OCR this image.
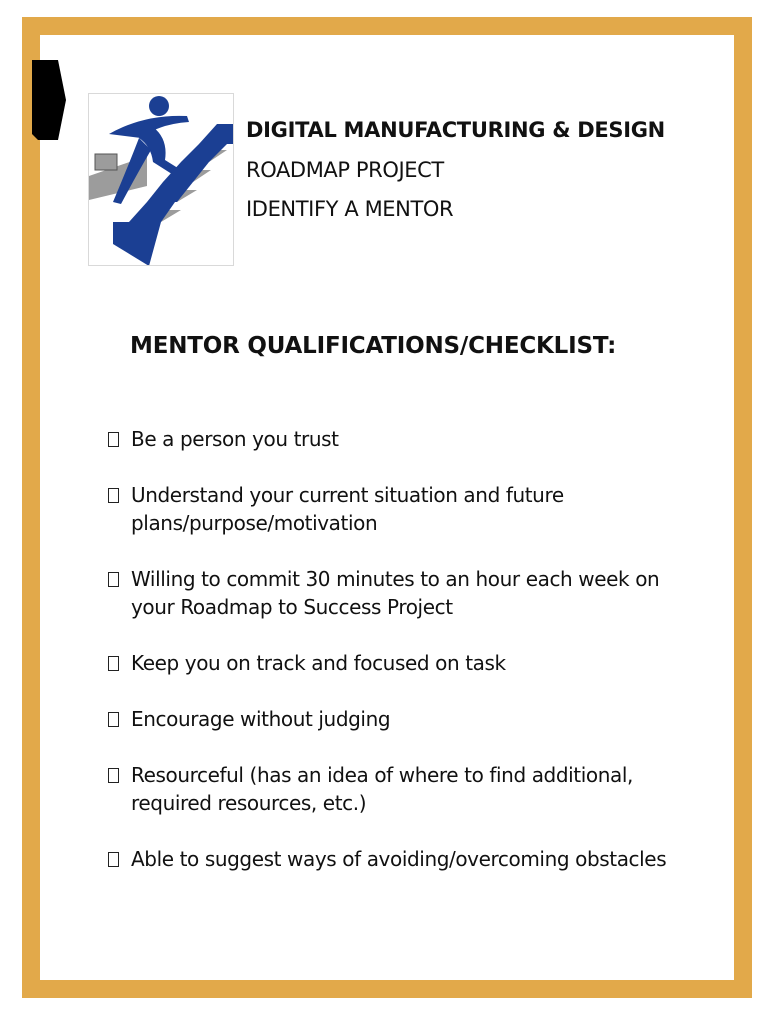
DIGITAL MANUFACTURING & DESIGN

ROADMAP PROJECT

IDENTIFY A MENTOR

MENTOR QUALIFICATIONS/CHECKLIST:
Be a person you trust
Understand your current situation and future plans/purpose/motivation
Willing to commit 30 minutes to an hour each week on your Roadmap to Success Project
Keep you on track and focused on task
Encourage without judging
Resourceful (has an idea of where to find additional, required resources, etc.)
Able to suggest ways of avoiding/overcoming obstacles
